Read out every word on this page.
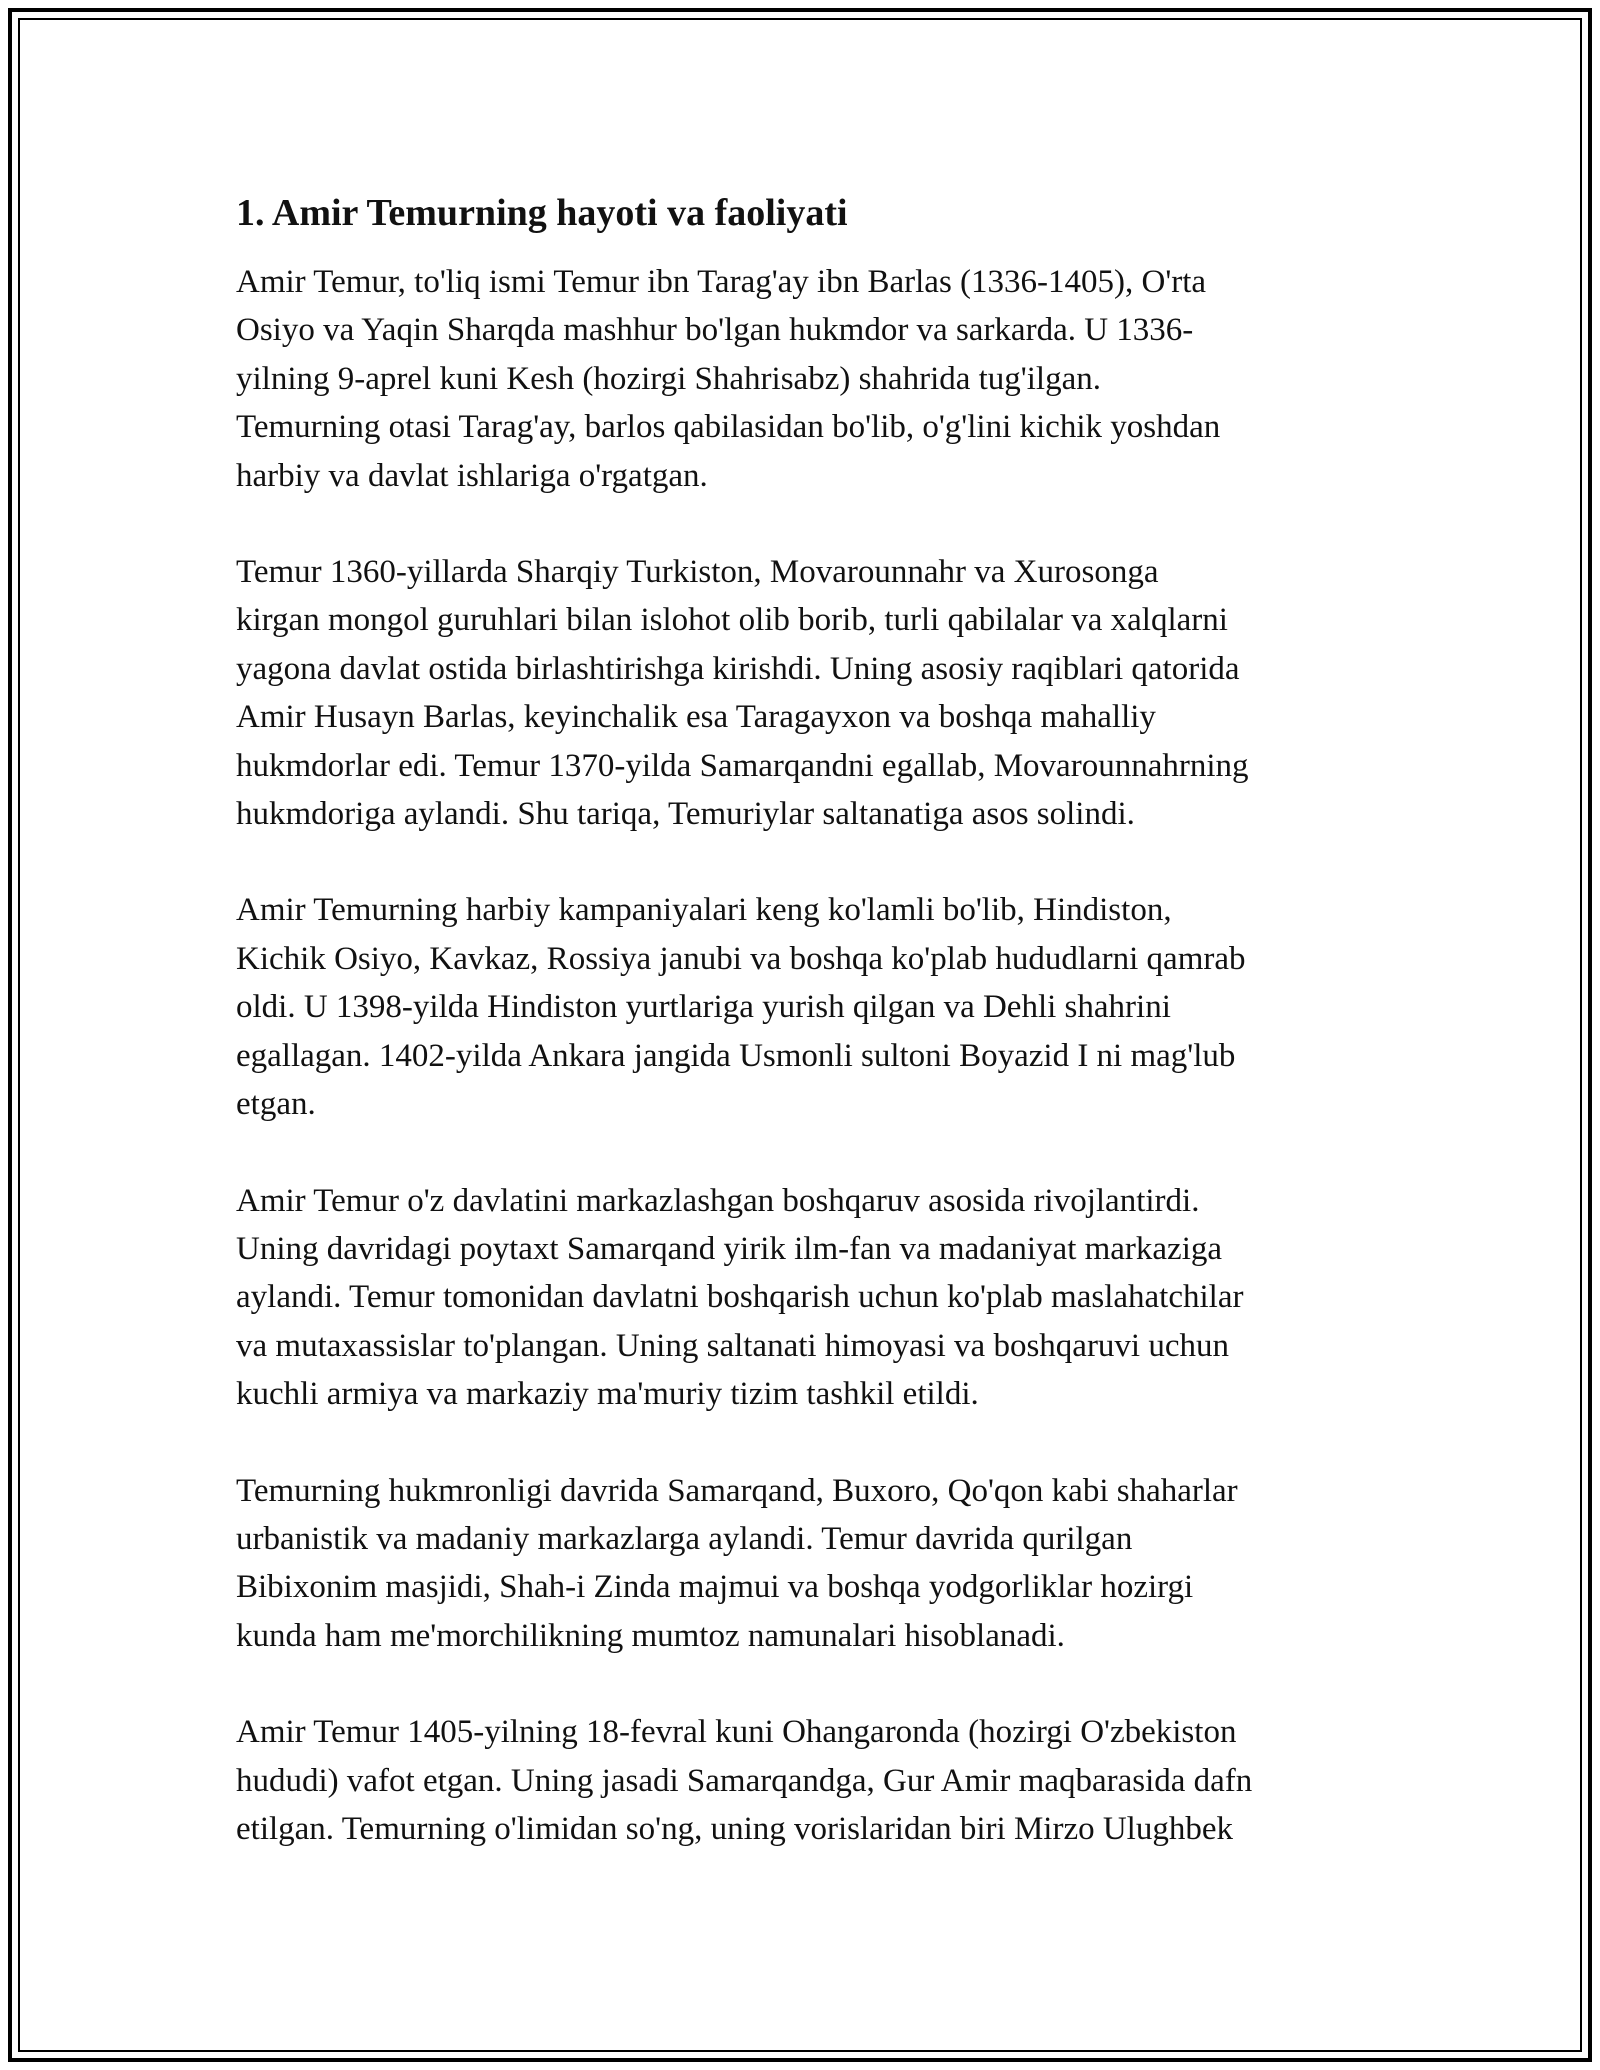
1. Amir Temurning hayoti va faoliyati

Amir Temur, to'liq ismi Temur ibn Tarag'ay ibn Barlas (1336-1405), O'rta
Osiyo va Yaqin Sharqda mashhur bo'lgan hukmdor va sarkarda. U 1336-
yilning 9-aprel kuni Kesh (hozirgi Shahrisabz) shahrida tug'ilgan.
Temurning otasi Tarag'ay, barlos qabilasidan bo'lib, o'g'lini kichik yoshdan
harbiy va davlat ishlariga o'rgatgan.

Temur 1360-yillarda Sharqiy Turkiston, Movarounnahr va Xurosonga
kirgan mongol guruhlari bilan islohot olib borib, turli qabilalar va xalqlarni
yagona davlat ostida birlashtirishga kirishdi. Uning asosiy raqiblari qatorida
Amir Husayn Barlas, keyinchalik esa Taragayxon va boshqa mahalliy
hukmdorlar edi. Temur 1370-yilda Samarqandni egallab, Movarounnahrning
hukmdoriga aylandi. Shu tariqa, Temuriylar saltanatiga asos solindi.

Amir Temurning harbiy kampaniyalari keng ko'lamli bo'lib, Hindiston,
Kichik Osiyo, Kavkaz, Rossiya janubi va boshqa ko'plab hududlarni qamrab
oldi. U 1398-yilda Hindiston yurtlariga yurish qilgan va Dehli shahrini
egallagan. 1402-yilda Ankara jangida Usmonli sultoni Boyazid I ni mag'lub
etgan.

Amir Temur o'z davlatini markazlashgan boshqaruv asosida rivojlantirdi.
Uning davridagi poytaxt Samarqand yirik ilm-fan va madaniyat markaziga
aylandi. Temur tomonidan davlatni boshqarish uchun ko'plab maslahatchilar
va mutaxassislar to'plangan. Uning saltanati himoyasi va boshqaruvi uchun
kuchli armiya va markaziy ma'muriy tizim tashkil etildi.

Temurning hukmronligi davrida Samarqand, Buxoro, Qo'qon kabi shaharlar
urbanistik va madaniy markazlarga aylandi. Temur davrida qurilgan
Bibixonim masjidi, Shah-i Zinda majmui va boshqa yodgorliklar hozirgi
kunda ham me'morchilikning mumtoz namunalari hisoblanadi.

Amir Temur 1405-yilning 18-fevral kuni Ohangaronda (hozirgi O'zbekiston
hududi) vafot etgan. Uning jasadi Samarqandga, Gur Amir maqbarasida dafn
etilgan. Temurning o'limidan so'ng, uning vorislaridan biri Mirzo Ulughbek
